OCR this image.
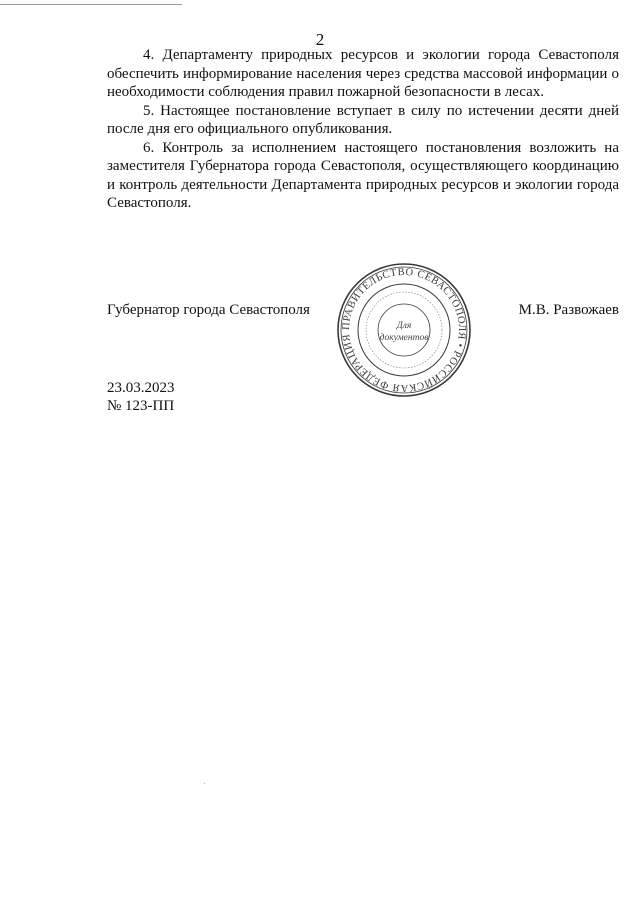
2

4. Департаменту природных ресурсов и экологии города Севастополя обеспечить информирование населения через средства массовой информации о необходимости соблюдения правил пожарной безопасности в лесах.

5. Настоящее постановление вступает в силу по истечении десяти дней после дня его официального опубликования.

6. Контроль за исполнением настоящего постановления возложить на заместителя Губернатора города Севастополя, осуществляющего координацию и контроль деятельности Департамента природных ресурсов и экологии города Севастополя.

Губернатор города Севастополя	М.В. Развожаев
ПРАВИТЕЛЬСТВО СЕВАСТОПОЛЯ • РОССИЙСКАЯ ФЕДЕРАЦИЯ
Для
документов
23.03.2023
№ 123-ПП
